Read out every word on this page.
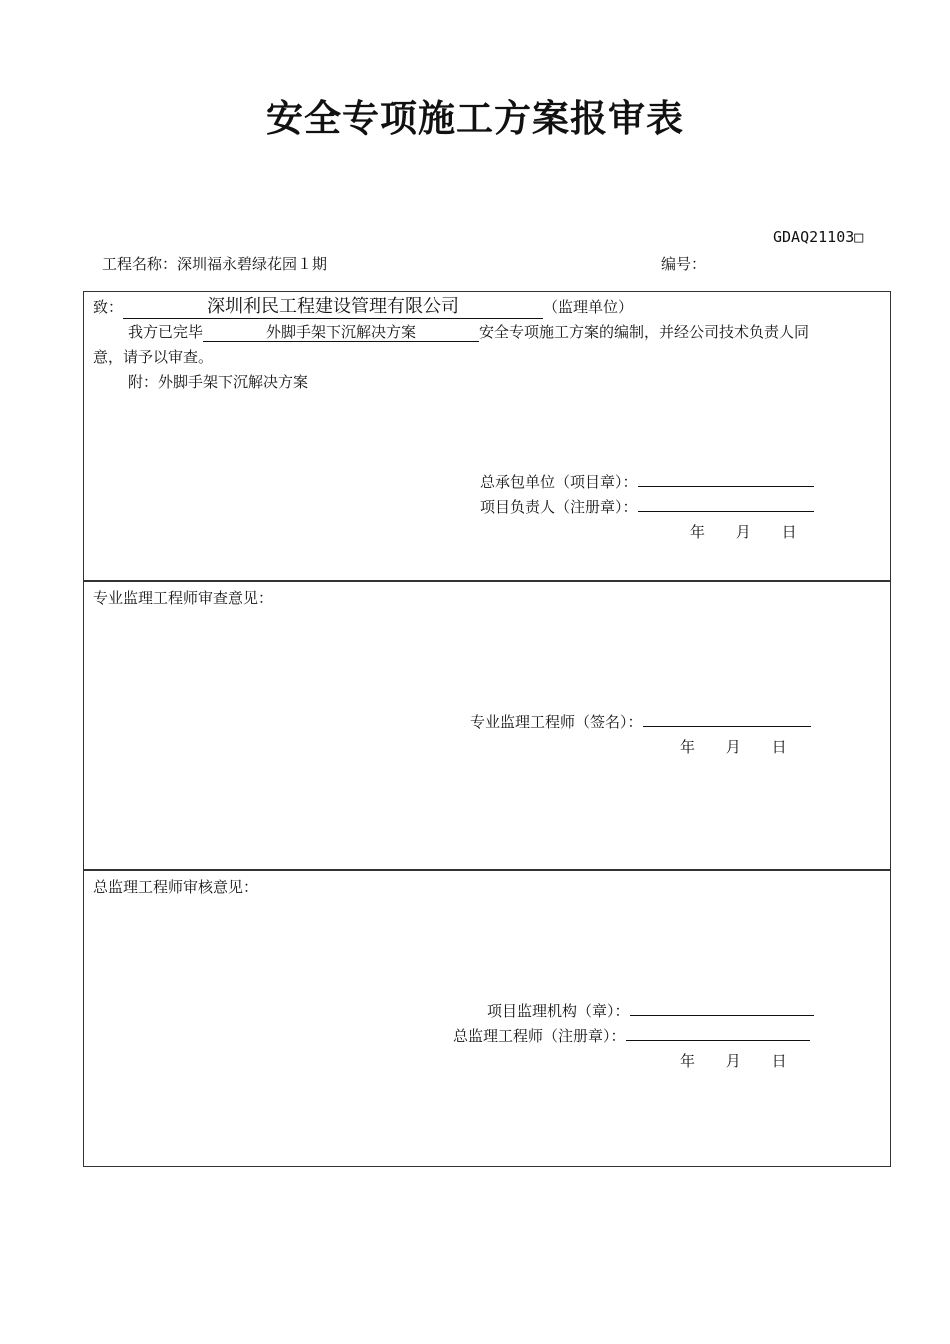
安全专项施工方案报审表
GDAQ21103□
工程名称：深圳福永碧绿花园１期	编号：
致：	深圳利民工程建设管理有限公司	（监理单位）
我方已完毕	外脚手架下沉解决方案	安全专项施工方案的编制，并经公司技术负责人同
意，请予以审查。
附：外脚手架下沉解决方案
总承包单位（项目章）：
项目负责人（注册章）：
年 月 日
专业监理工程师审查意见：
专业监理工程师（签名）：
年 月 日
总监理工程师审核意见：
项目监理机构（章）：
总监理工程师（注册章）：
年 月 日
